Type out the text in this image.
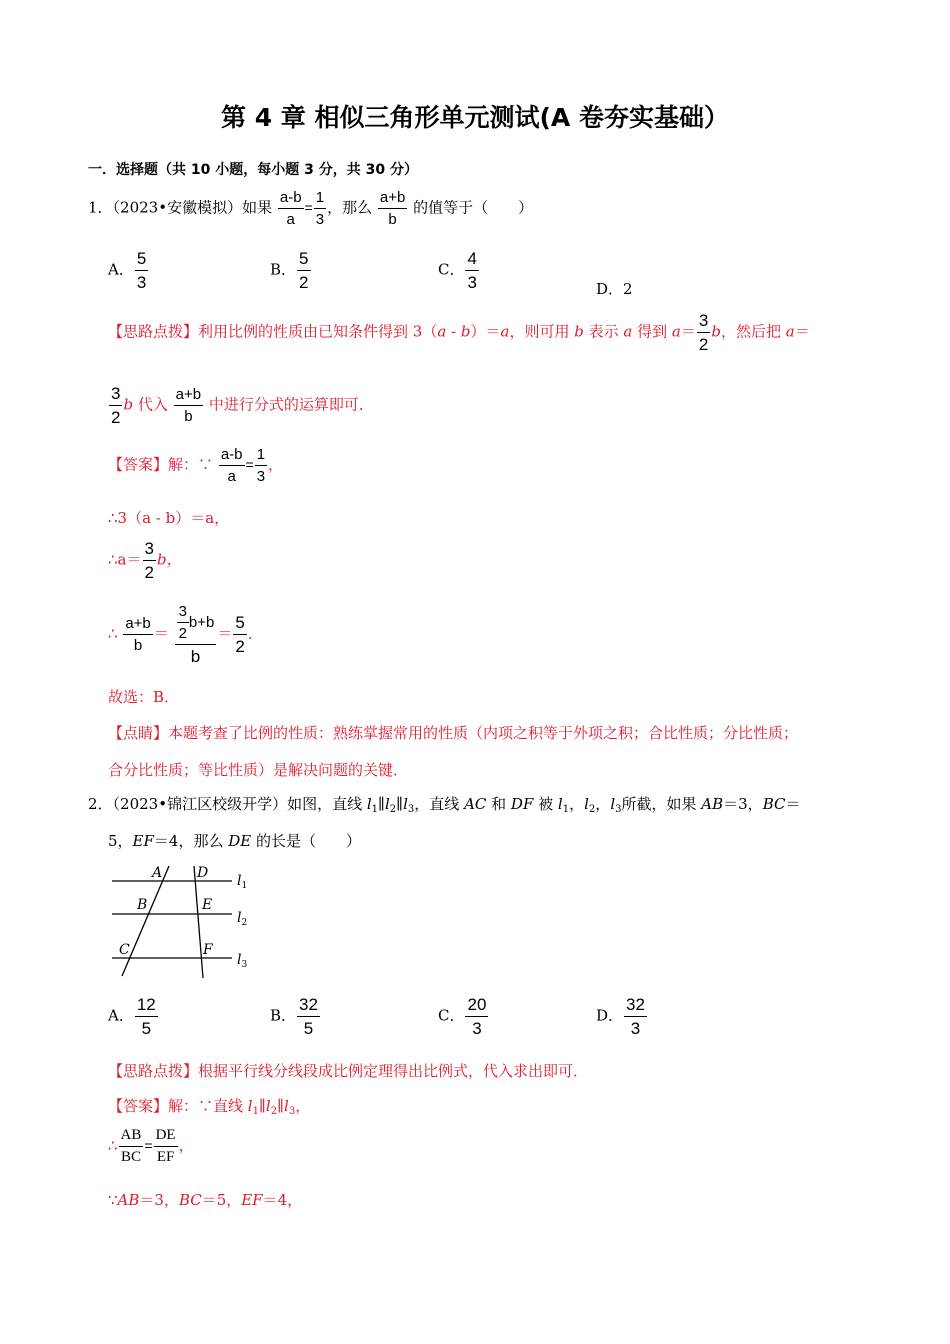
第 4 章 相似三角形单元测试(A 卷夯实基础）
一．选择题（共 10 小题，每小题 3 分，共 30 分）
1．（2023•安徽模拟）如果 $\frac{a-b}{a} = \frac{1}{3}$ ，那么 $\frac{a+b}{b}$ 的值等于（　　）
A． $\frac{5}{3}$	B． $\frac{5}{2}$	C． $\frac{4}{3}$	D．2
【思路点拨】利用比例的性质由已知条件得到 3（a - b）＝a，则可用 b 表示 a 得到 $a= \frac{3}{2}$ b，然后把 a＝
$\frac{3}{2}$ b 代入 $\frac{a+b}{b}$ 中进行分式的运算即可．
【答案】解：∵ $\frac{a-b}{a} = \frac{1}{3}$ ，
∴3（a - b）＝a，
∴a＝ $\frac{3}{2}$ b，
∴ $\frac{a+b}{b} = \frac{\frac{3}{2} b+b}{b} = \frac{5}{2}$ ．
故选：B．
【点睛】本题考查了比例的性质：熟练掌握常用的性质（内项之积等于外项之积；合比性质；分比性质；
合分比性质；等比性质）是解决问题的关键．
2．（2023•锦江区校级开学）如图，直线 $l_1\parallel l_2\parallel l_3$，直线 AC 和 DF 被 $l_1$，$l_2$，$l_3$所截，如果 AB＝3，BC＝
5，EF＝4，那么 DE 的长是（　　）
A D
B	E
C	F
$l_1$
$l_2$
$l_3$
A． $\frac{12}{5}$	B． $\frac{32}{5}$	C． $\frac{20}{3}$	D． $\frac{32}{3}$
【思路点拨】根据平行线分线段成比例定理得出比例式，代入求出即可．
【答案】解：∵直线 $l_1\parallel l_2\parallel l_3$，
∴ $\frac{AB}{BC} = \frac{DE}{EF}$ ，
∵AB＝3，BC＝5，EF＝4，
